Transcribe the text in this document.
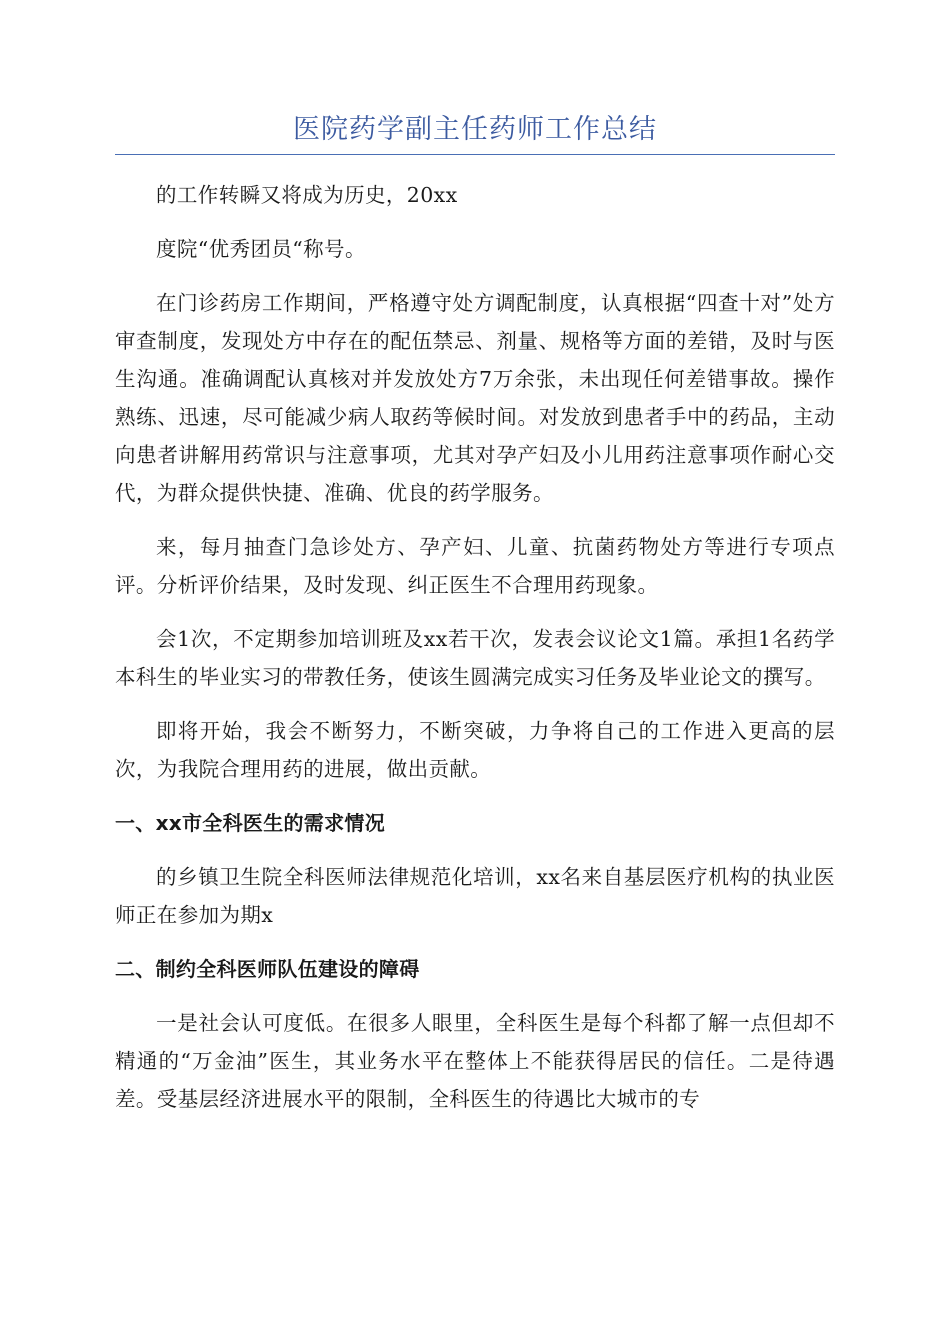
医院药学副主任药师工作总结

的工作转瞬又将成为历史，20xx

度院“优秀团员“称号。

在门诊药房工作期间，严格遵守处方调配制度，认真根据“四查十对”处方审查制度，发现处方中存在的配伍禁忌、剂量、规格等方面的差错，及时与医生沟通。准确调配认真核对并发放处方7万余张，未出现任何差错事故。操作熟练、迅速，尽可能减少病人取药等候时间。对发放到患者手中的药品，主动向患者讲解用药常识与注意事项，尤其对孕产妇及小儿用药注意事项作耐心交代，为群众提供快捷、准确、优良的药学服务。

来，每月抽查门急诊处方、孕产妇、儿童、抗菌药物处方等进行专项点评。分析评价结果，及时发现、纠正医生不合理用药现象。

会1次，不定期参加培训班及xx若干次，发表会议论文1篇。承担1名药学本科生的毕业实习的带教任务，使该生圆满完成实习任务及毕业论文的撰写。

即将开始，我会不断努力，不断突破，力争将自己的工作进入更高的层次，为我院合理用药的进展，做出贡献。

一、xx市全科医生的需求情况

的乡镇卫生院全科医师法律规范化培训，xx名来自基层医疗机构的执业医师正在参加为期x

二、制约全科医师队伍建设的障碍

一是社会认可度低。在很多人眼里，全科医生是每个科都了解一点但却不精通的“万金油”医生，其业务水平在整体上不能获得居民的信任。二是待遇差。受基层经济进展水平的限制，全科医生的待遇比大城市的专
